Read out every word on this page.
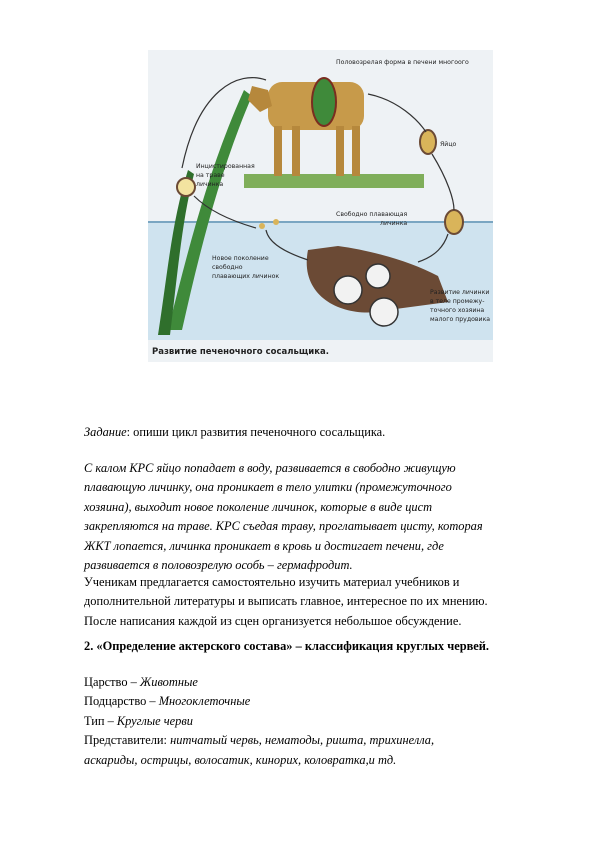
Половозрелая форма в печени многоого
Яйцо
Инцистированная
на траве
личинка
Свободно плавающая
личинка
Новое поколение
свободно
плавающих личинок
Развитие личинки
в теле промежу-
точного хозяина
малого прудовика
Развитие печеночного сосальщика.

Задание: опиши цикл развития печеночного сосальщика.

С калом КРС яйцо попадает в воду, развивается в свободно живущую
плавающую личинку, она проникает в тело улитки (промежуточного
хозяина), выходит новое поколение личинок, которые в виде цист
закрепляются на траве. КРС съедая траву, проглатывает цисту, которая
ЖКТ лопается, личинка проникает в кровь и достигает печени, где
развивается в половозрелую особь – гермафродит.

Ученикам предлагается самостоятельно изучить материал учебников и
дополнительной литературы и выписать главное, интересное по их мнению.
После написания каждой из сцен организуется небольшое обсуждение.

2. «Определение актерского состава» – классификация круглых червей.

Царство – Животные
Подцарство – Многоклеточные
Тип – Круглые черви
Представители: нитчатый червь, нематоды, ришта, трихинелла,
аскариды, острицы, волосатик, кинорих, коловратка,и тд.
